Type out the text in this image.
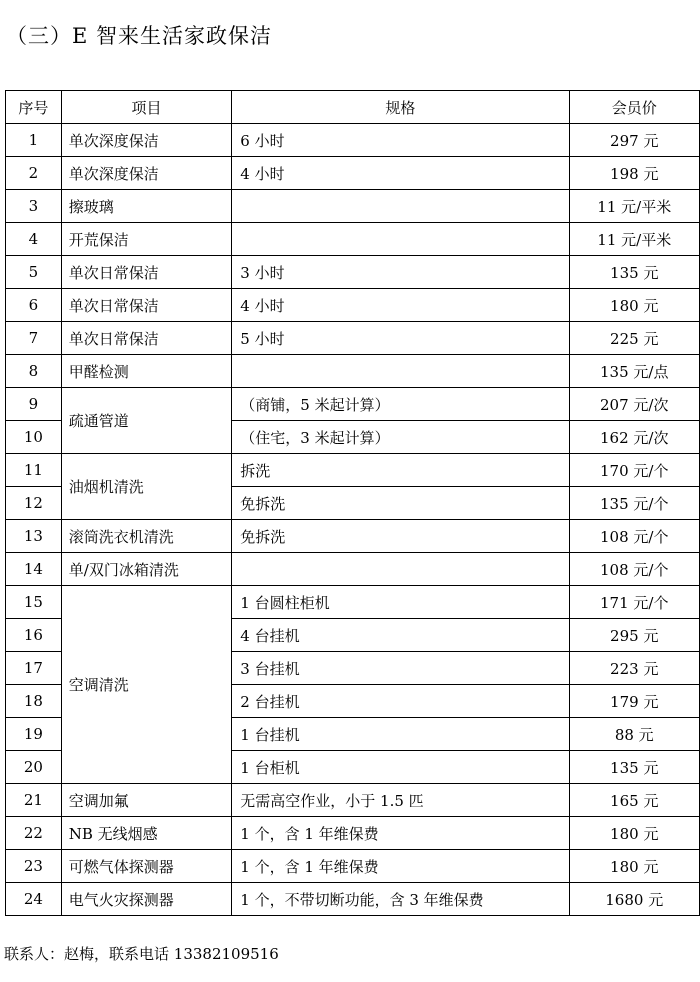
（三）E 智来生活家政保洁
序号	项目	规格	会员价
1	单次深度保洁	6 小时	297 元
2	单次深度保洁	4 小时	198 元
3	擦玻璃		11 元/平米
4	开荒保洁		11 元/平米
5	单次日常保洁	3 小时	135 元
6	单次日常保洁	4 小时	180 元
7	单次日常保洁	5 小时	225 元
8	甲醛检测		135 元/点
9	疏通管道	（商铺，5 米起计算）	207 元/次
10		（住宅，3 米起计算）	162 元/次
11	油烟机清洗	拆洗	170 元/个
12		免拆洗	135 元/个
13	滚筒洗衣机清洗	免拆洗	108 元/个
14	单/双门冰箱清洗		108 元/个
15	空调清洗	1 台圆柱柜机	171 元/个
16		4 台挂机	295 元
17		3 台挂机	223 元
18		2 台挂机	179 元
19		1 台挂机	88 元
20		1 台柜机	135 元
21	空调加氟	无需高空作业，小于 1.5 匹	165 元
22	NB 无线烟感	1 个，含 1 年维保费	180 元
23	可燃气体探测器	1 个，含 1 年维保费	180 元
24	电气火灾探测器	1 个，不带切断功能，含 3 年维保费	1680 元
联系人：赵梅，联系电话 13382109516
